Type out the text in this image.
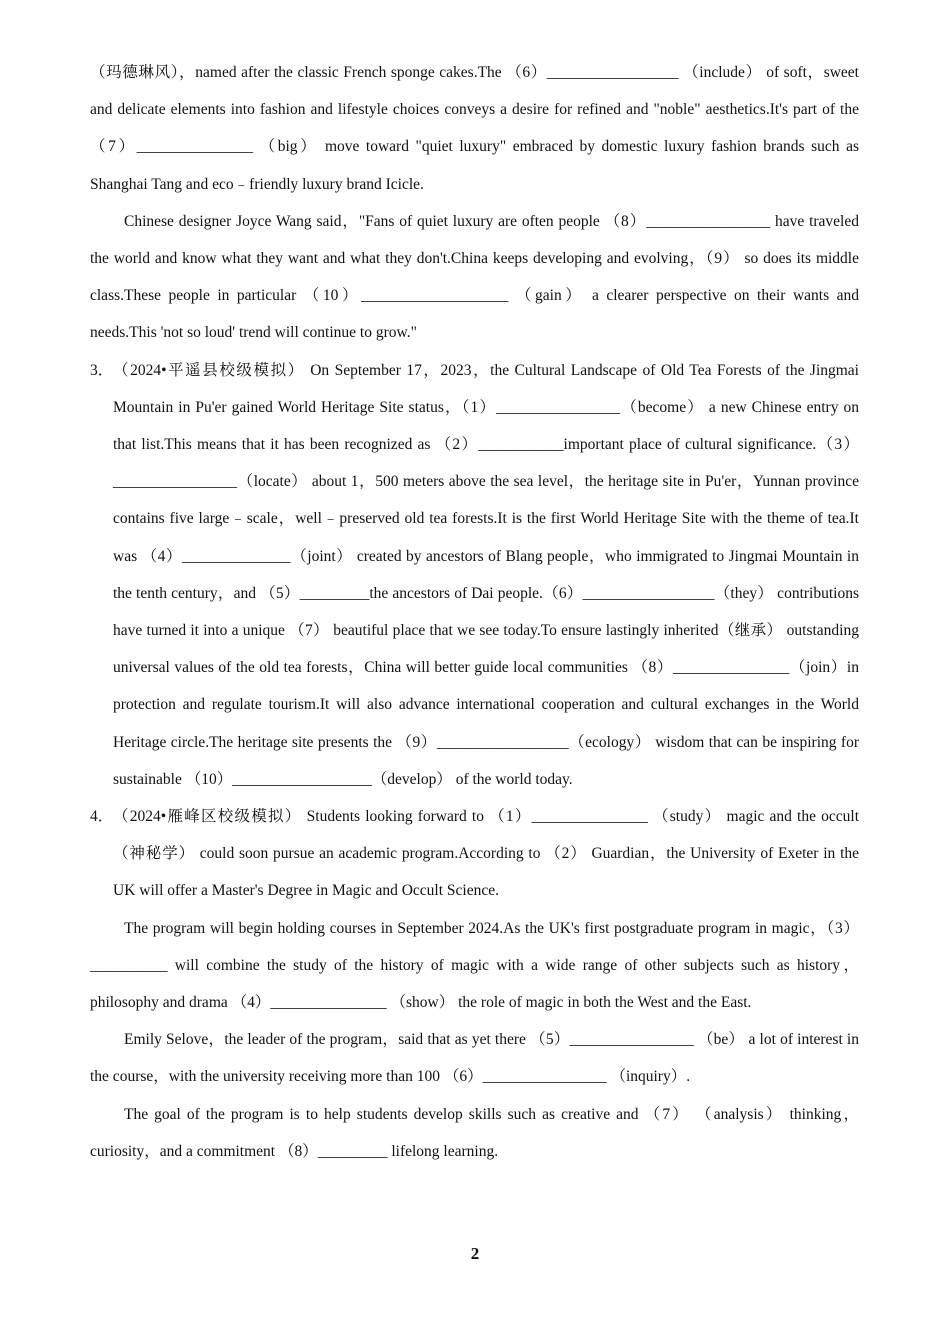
（玛德琳风），named after the classic French sponge cakes.The （6）_________________ （include） of soft，sweet and delicate elements into fashion and lifestyle choices conveys a desire for refined and "noble" aesthetics.It's part of the （7）_______________ （big） move toward "quiet luxury" embraced by domestic luxury fashion brands such as Shanghai Tang and eco﹣friendly luxury brand Icicle.

Chinese designer Joyce Wang said，"Fans of quiet luxury are often people （8）________________ have traveled the world and know what they want and what they don't.China keeps developing and evolving，（9） so does its middle class.These people in particular （10）___________________ （gain） a clearer perspective on their wants and needs.This 'not so loud' trend will continue to grow."

3． （2024•平遥县校级模拟） On September 17，2023，the Cultural Landscape of Old Tea Forests of the Jingmai Mountain in Pu'er gained World Heritage Site status，（1）________________（become） a new Chinese entry on that list.This means that it has been recognized as （2）___________important place of cultural significance.（3）________________（locate） about 1，500 meters above the sea level，the heritage site in Pu'er，Yunnan province contains five large﹣scale，well﹣preserved old tea forests.It is the first World Heritage Site with the theme of tea.It was （4）______________（joint） created by ancestors of Blang people，who immigrated to Jingmai Mountain in the tenth century，and （5）_________the ancestors of Dai people.（6）_________________（they） contributions have turned it into a unique （7） beautiful place that we see today.To ensure lastingly inherited（继承） outstanding universal values of the old tea forests，China will better guide local communities （8）_______________（join）in protection and regulate tourism.It will also advance international cooperation and cultural exchanges in the World Heritage circle.The heritage site presents the （9）_________________（ecology） wisdom that can be inspiring for sustainable （10）__________________（develop） of the world today.
4． （2024•雁峰区校级模拟） Students looking forward to （1）_______________ （study） magic and the occult （神秘学） could soon pursue an academic program.According to （2） Guardian，the University of Exeter in the UK will offer a Master's Degree in Magic and Occult Science.

The program will begin holding courses in September 2024.As the UK's first postgraduate program in magic，（3）__________ will combine the study of the history of magic with a wide range of other subjects such as history，philosophy and drama （4）_______________ （show） the role of magic in both the West and the East.

Emily Selove，the leader of the program，said that as yet there （5）________________ （be） a lot of interest in the course，with the university receiving more than 100 （6）________________ （inquiry）.

The goal of the program is to help students develop skills such as creative and （7） （analysis） thinking，curiosity，and a commitment （8）_________ lifelong learning.

2
